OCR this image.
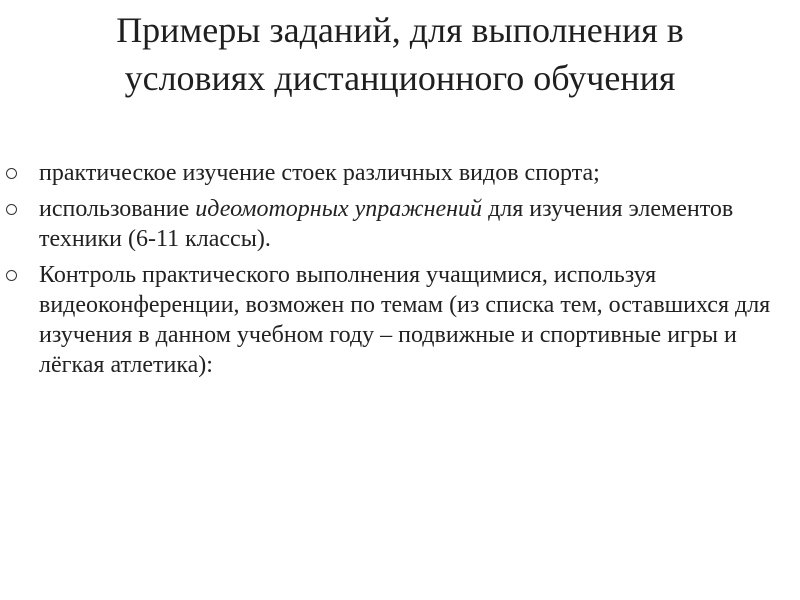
Примеры заданий, для выполнения в
условиях дистанционного обучения
практическое изучение стоек различных видов спорта;
использование идеомоторных упражнений для изучения элементов техники (6-11 классы).
Контроль практического выполнения учащимися, используя видеоконференции, возможен по темам (из списка тем, оставшихся для изучения в данном учебном году – подвижные и спортивные игры и лёгкая атлетика):
